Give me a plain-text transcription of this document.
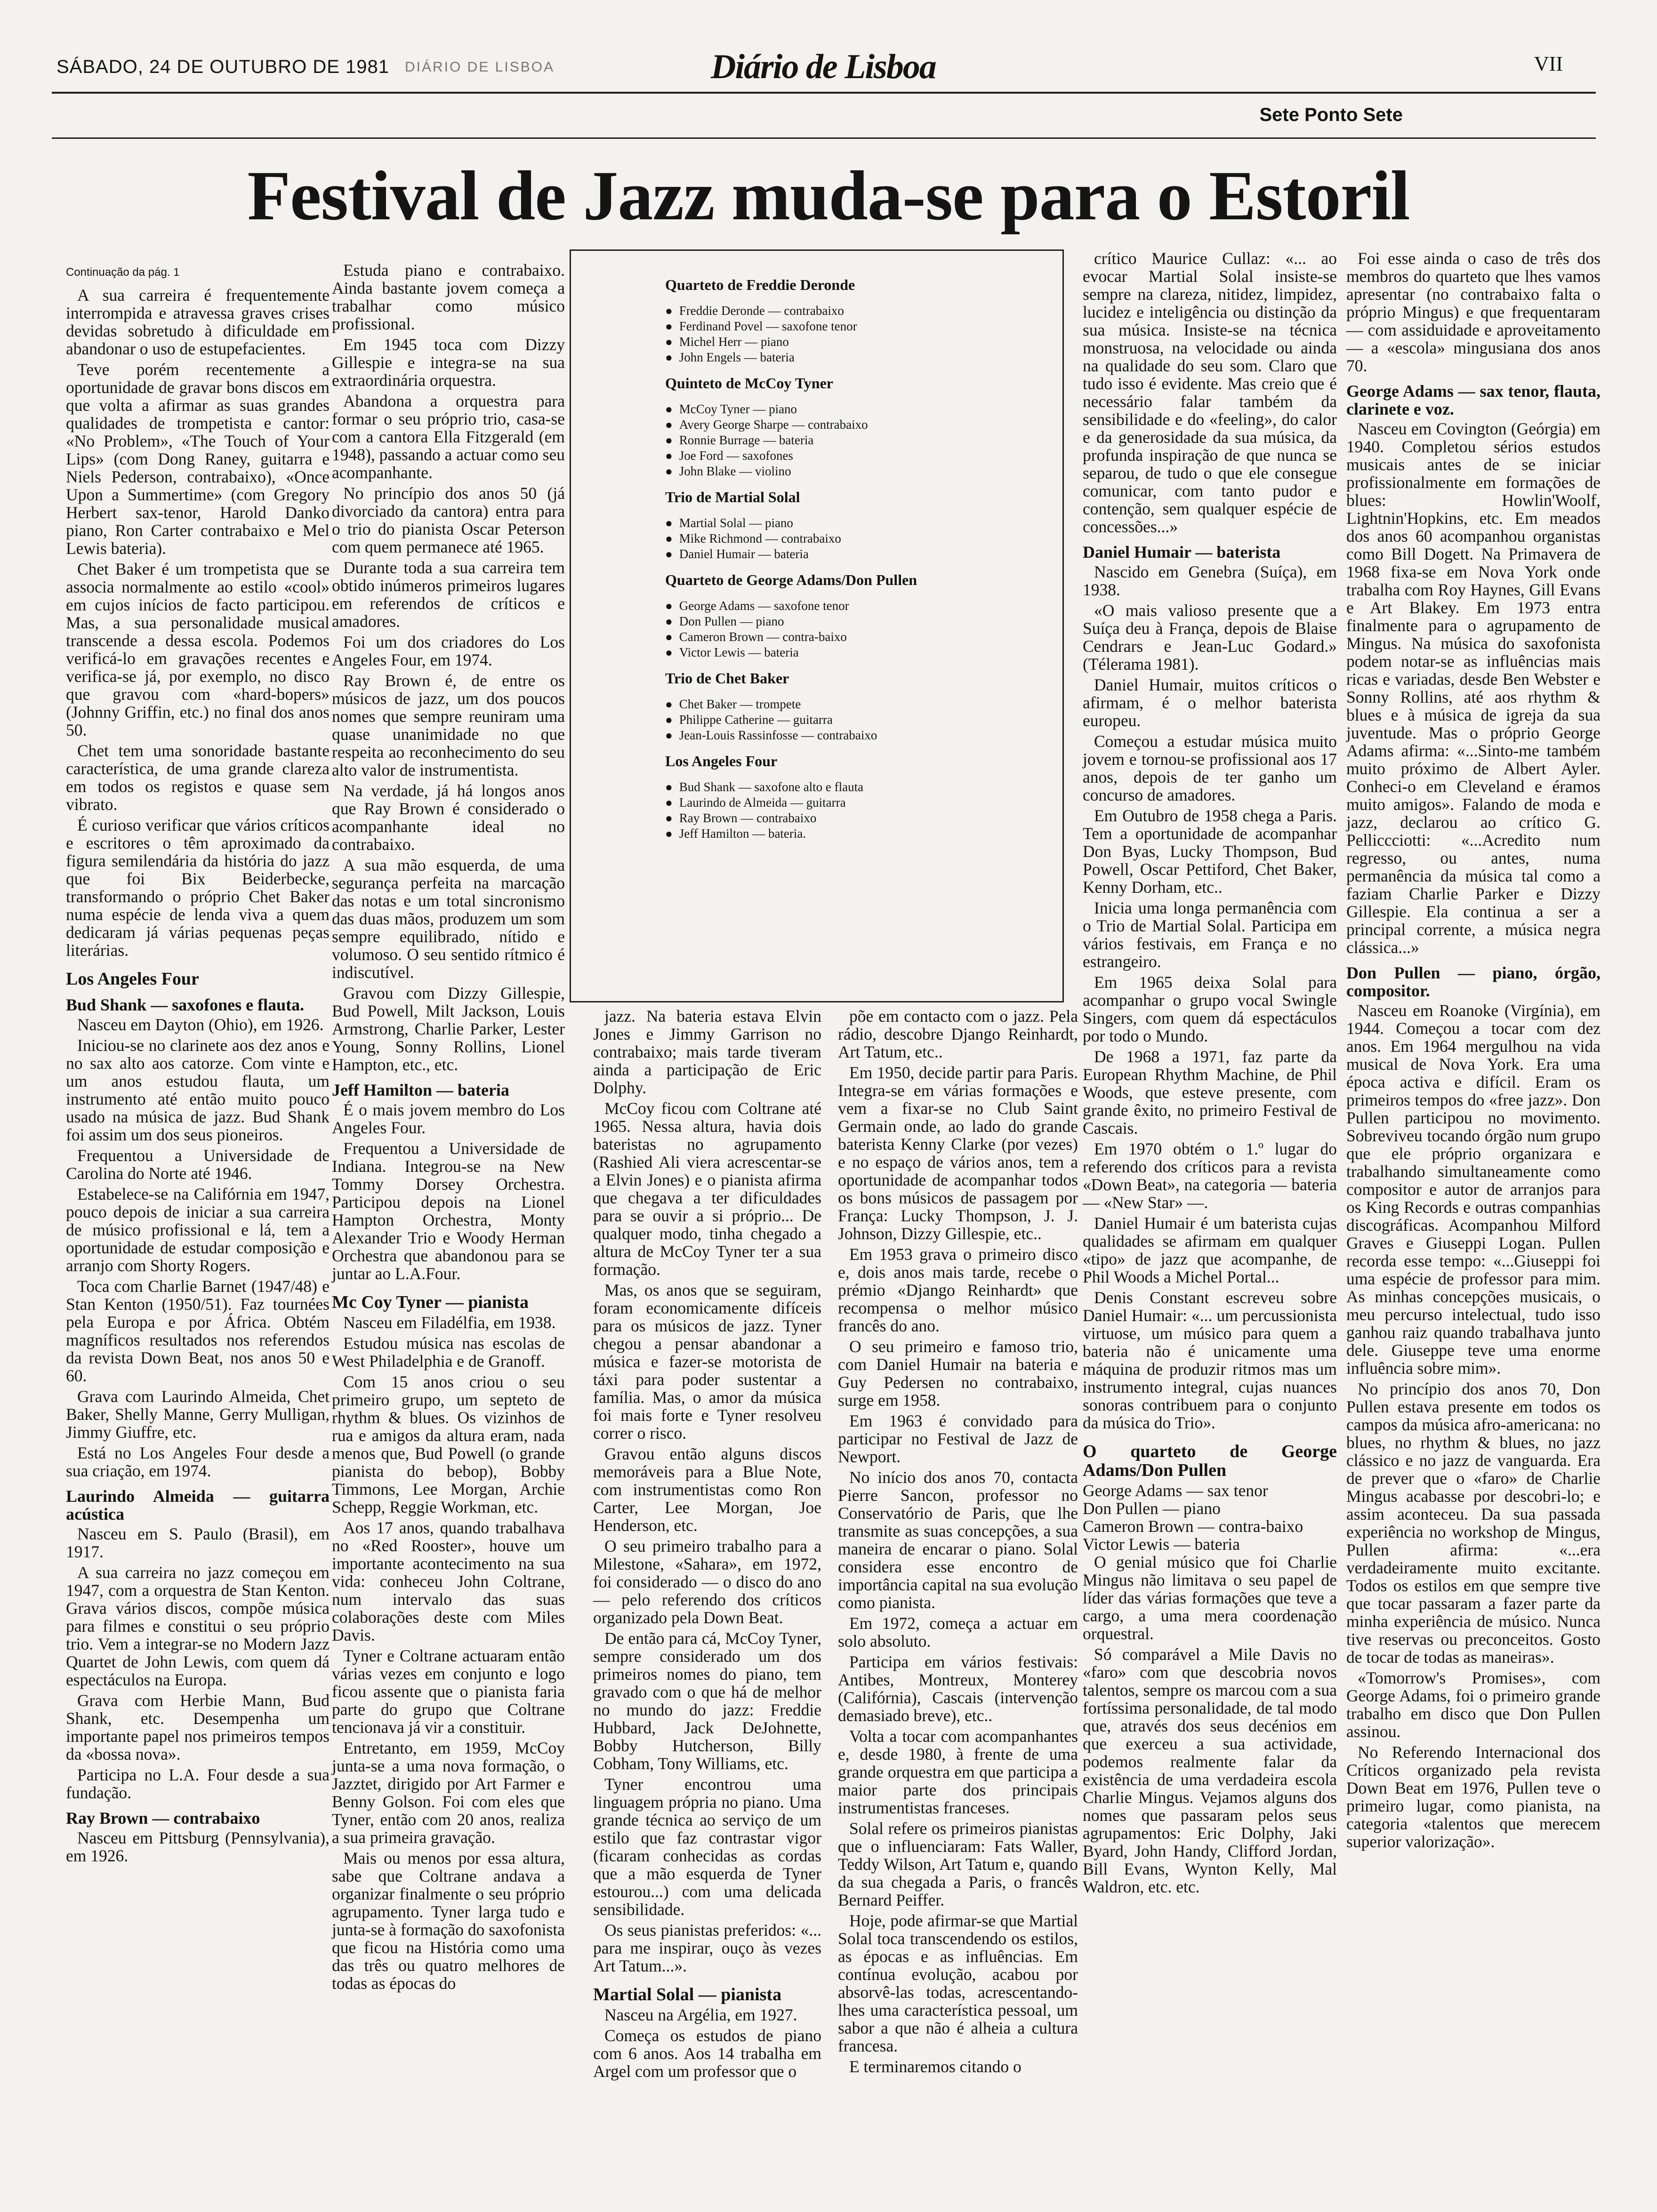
SÁBADO, 24 DE OUTUBRO DE 1981 DIÁRIO DE LISBOA	Diário de Lisboa	VII
Sete Ponto Sete
Festival de Jazz muda-se para o Estoril

Continuação da pág. 1

A sua carreira é frequentemente interrompida e atravessa graves crises devidas sobretudo à dificuldade em abandonar o uso de estupefacientes.

Teve porém recentemente a oportunidade de gravar bons discos em que volta a afirmar as suas grandes qualidades de trompetista e cantor: «No Problem», «The Touch of Your Lips» (com Dong Raney, guitarra e Niels Pederson, contrabaixo), «Once Upon a Summertime» (com Gregory Herbert sax-tenor, Harold Danko piano, Ron Carter contrabaixo e Mel Lewis bateria).

Chet Baker é um trompetista que se associa normalmente ao estilo «cool» em cujos inícios de facto participou. Mas, a sua personalidade musical transcende a dessa escola. Podemos verificá-lo em gravações recentes e verifica-se já, por exemplo, no disco que gravou com «hard-bopers» (Johnny Griffin, etc.) no final dos anos 50.

Chet tem uma sonoridade bastante característica, de uma grande clareza em todos os registos e quase sem vibrato.

É curioso verificar que vários críticos e escritores o têm aproximado da figura semilendária da história do jazz que foi Bix Beiderbecke, transformando o próprio Chet Baker numa espécie de lenda viva a quem dedicaram já várias pequenas peças literárias.

Los Angeles Four
Bud Shank — saxofones e flauta.

Nasceu em Dayton (Ohio), em 1926.

Iniciou-se no clarinete aos dez anos e no sax alto aos catorze. Com vinte e um anos estudou flauta, um instrumento até então muito pouco usado na música de jazz. Bud Shank foi assim um dos seus pioneiros.

Frequentou a Universidade de Carolina do Norte até 1946.

Estabelece-se na Califórnia em 1947, pouco depois de iniciar a sua carreira de músico profissional e lá, tem a oportunidade de estudar composição e arranjo com Shorty Rogers.

Toca com Charlie Barnet (1947/48) e Stan Kenton (1950/51). Faz tournées pela Europa e por África. Obtém magníficos resultados nos referendos da revista Down Beat, nos anos 50 e 60.

Grava com Laurindo Almeida, Chet Baker, Shelly Manne, Gerry Mulligan, Jimmy Giuffre, etc.

Está no Los Angeles Four desde a sua criação, em 1974.

Laurindo Almeida — guitarra acústica

Nasceu em S. Paulo (Brasil), em 1917.

A sua carreira no jazz começou em 1947, com a orquestra de Stan Kenton. Grava vários discos, compõe música para filmes e constitui o seu próprio trio. Vem a integrar-se no Modern Jazz Quartet de John Lewis, com quem dá espectáculos na Europa.

Grava com Herbie Mann, Bud Shank, etc. Desempenha um importante papel nos primeiros tempos da «bossa nova».

Participa no L.A. Four desde a sua fundação.

Ray Brown — contrabaixo

Nasceu em Pittsburg (Pennsylvania), em 1926.

Estuda piano e contrabaixo. Ainda bastante jovem começa a trabalhar como músico profissional.

Em 1945 toca com Dizzy Gillespie e integra-se na sua extraordinária orquestra.

Abandona a orquestra para formar o seu próprio trio, casa-se com a cantora Ella Fitzgerald (em 1948), passando a actuar como seu acompanhante.

No princípio dos anos 50 (já divorciado da cantora) entra para o trio do pianista Oscar Peterson com quem permanece até 1965.

Durante toda a sua carreira tem obtido inúmeros primeiros lugares em referendos de críticos e amadores.

Foi um dos criadores do Los Angeles Four, em 1974.

Ray Brown é, de entre os músicos de jazz, um dos poucos nomes que sempre reuniram uma quase unanimidade no que respeita ao reconhecimento do seu alto valor de instrumentista.

Na verdade, já há longos anos que Ray Brown é considerado o acompanhante ideal no contrabaixo.

A sua mão esquerda, de uma segurança perfeita na marcação das notas e um total sincronismo das duas mãos, produzem um som sempre equilibrado, nítido e volumoso. O seu sentido rítmico é indiscutível.

Gravou com Dizzy Gillespie, Bud Powell, Milt Jackson, Louis Armstrong, Charlie Parker, Lester Young, Sonny Rollins, Lionel Hampton, etc., etc.

Jeff Hamilton — bateria

É o mais jovem membro do Los Angeles Four.

Frequentou a Universidade de Indiana. Integrou-se na New Tommy Dorsey Orchestra. Participou depois na Lionel Hampton Orchestra, Monty Alexander Trio e Woody Herman Orchestra que abandonou para se juntar ao L.A.Four.

Mc Coy Tyner — pianista

Nasceu em Filadélfia, em 1938.

Estudou música nas escolas de West Philadelphia e de Granoff.

Com 15 anos criou o seu primeiro grupo, um septeto de rhythm & blues. Os vizinhos de rua e amigos da altura eram, nada menos que, Bud Powell (o grande pianista do bebop), Bobby Timmons, Lee Morgan, Archie Schepp, Reggie Workman, etc.

Aos 17 anos, quando trabalhava no «Red Rooster», houve um importante acontecimento na sua vida: conheceu John Coltrane, num intervalo das suas colaborações deste com Miles Davis.

Tyner e Coltrane actuaram então várias vezes em conjunto e logo ficou assente que o pianista faria parte do grupo que Coltrane tencionava já vir a constituir.

Entretanto, em 1959, McCoy junta-se a uma nova formação, o Jazztet, dirigido por Art Farmer e Benny Golson. Foi com eles que Tyner, então com 20 anos, realiza a sua primeira gravação.

Mais ou menos por essa altura, sabe que Coltrane andava a organizar finalmente o seu próprio agrupamento. Tyner larga tudo e junta-se à formação do saxofonista que ficou na História como uma das três ou quatro melhores de todas as épocas do

jazz. Na bateria estava Elvin Jones e Jimmy Garrison no contrabaixo; mais tarde tiveram ainda a participação de Eric Dolphy.

McCoy ficou com Coltrane até 1965. Nessa altura, havia dois bateristas no agrupamento (Rashied Ali viera acrescentar-se a Elvin Jones) e o pianista afirma que chegava a ter dificuldades para se ouvir a si próprio... De qualquer modo, tinha chegado a altura de McCoy Tyner ter a sua formação.

Mas, os anos que se seguiram, foram economicamente difíceis para os músicos de jazz. Tyner chegou a pensar abandonar a música e fazer-se motorista de táxi para poder sustentar a família. Mas, o amor da música foi mais forte e Tyner resolveu correr o risco.

Gravou então alguns discos memoráveis para a Blue Note, com instrumentistas como Ron Carter, Lee Morgan, Joe Henderson, etc.

O seu primeiro trabalho para a Milestone, «Sahara», em 1972, foi considerado — o disco do ano — pelo referendo dos críticos organizado pela Down Beat.

De então para cá, McCoy Tyner, sempre considerado um dos primeiros nomes do piano, tem gravado com o que há de melhor no mundo do jazz: Freddie Hubbard, Jack DeJohnette, Bobby Hutcherson, Billy Cobham, Tony Williams, etc.

Tyner encontrou uma linguagem própria no piano. Uma grande técnica ao serviço de um estilo que faz contrastar vigor (ficaram conhecidas as cordas que a mão esquerda de Tyner estourou...) com uma delicada sensibilidade.

Os seus pianistas preferidos: «... para me inspirar, ouço às vezes Art Tatum...».

Martial Solal — pianista

Nasceu na Argélia, em 1927.

Começa os estudos de piano com 6 anos. Aos 14 trabalha em Argel com um professor que o

põe em contacto com o jazz. Pela rádio, descobre Django Reinhardt, Art Tatum, etc..

Em 1950, decide partir para Paris. Integra-se em várias formações e vem a fixar-se no Club Saint Germain onde, ao lado do grande baterista Kenny Clarke (por vezes) e no espaço de vários anos, tem a oportunidade de acompanhar todos os bons músicos de passagem por França: Lucky Thompson, J. J. Johnson, Dizzy Gillespie, etc..

Em 1953 grava o primeiro disco e, dois anos mais tarde, recebe o prémio «Django Reinhardt» que recompensa o melhor músico francês do ano.

O seu primeiro e famoso trio, com Daniel Humair na bateria e Guy Pedersen no contrabaixo, surge em 1958.

Em 1963 é convidado para participar no Festival de Jazz de Newport.

No início dos anos 70, contacta Pierre Sancon, professor no Conservatório de Paris, que lhe transmite as suas concepções, a sua maneira de encarar o piano. Solal considera esse encontro de importância capital na sua evolução como pianista.

Em 1972, começa a actuar em solo absoluto.

Participa em vários festivais: Antibes, Montreux, Monterey (Califórnia), Cascais (intervenção demasiado breve), etc..

Volta a tocar com acompanhantes e, desde 1980, à frente de uma grande orquestra em que participa a maior parte dos principais instrumentistas franceses.

Solal refere os primeiros pianistas que o influenciaram: Fats Waller, Teddy Wilson, Art Tatum e, quando da sua chegada a Paris, o francês Bernard Peiffer.

Hoje, pode afirmar-se que Martial Solal toca transcendendo os estilos, as épocas e as influências. Em contínua evolução, acabou por absorvê-las todas, acrescentando-lhes uma característica pessoal, um sabor a que não é alheia a cultura francesa.

E terminaremos citando o

crítico Maurice Cullaz: «... ao evocar Martial Solal insiste-se sempre na clareza, nitidez, limpidez, lucidez e inteligência ou distinção da sua música. Insiste-se na técnica monstruosa, na velocidade ou ainda na qualidade do seu som. Claro que tudo isso é evidente. Mas creio que é necessário falar também da sensibilidade e do «feeling», do calor e da generosidade da sua música, da profunda inspiração de que nunca se separou, de tudo o que ele consegue comunicar, com tanto pudor e contenção, sem qualquer espécie de concessões...»

Daniel Humair — baterista

Nascido em Genebra (Suíça), em 1938.

«O mais valioso presente que a Suíça deu à França, depois de Blaise Cendrars e Jean-Luc Godard.» (Télerama 1981).

Daniel Humair, muitos críticos o afirmam, é o melhor baterista europeu.

Começou a estudar música muito jovem e tornou-se profissional aos 17 anos, depois de ter ganho um concurso de amadores.

Em Outubro de 1958 chega a Paris. Tem a oportunidade de acompanhar Don Byas, Lucky Thompson, Bud Powell, Oscar Pettiford, Chet Baker, Kenny Dorham, etc..

Inicia uma longa permanência com o Trio de Martial Solal. Participa em vários festivais, em França e no estrangeiro.

Em 1965 deixa Solal para acompanhar o grupo vocal Swingle Singers, com quem dá espectáculos por todo o Mundo.

De 1968 a 1971, faz parte da European Rhythm Machine, de Phil Woods, que esteve presente, com grande êxito, no primeiro Festival de Cascais.

Em 1970 obtém o 1.º lugar do referendo dos críticos para a revista «Down Beat», na categoria — bateria — «New Star» —.

Daniel Humair é um baterista cujas qualidades se afirmam em qualquer «tipo» de jazz que acompanhe, de Phil Woods a Michel Portal...

Denis Constant escreveu sobre Daniel Humair: «... um percussionista virtuose, um músico para quem a bateria não é unicamente uma máquina de produzir ritmos mas um instrumento integral, cujas nuances sonoras contribuem para o conjunto da música do Trio».

O quarteto de George Adams/Don Pullen

George Adams — sax tenor

Don Pullen — piano

Cameron Brown — contra-baixo

Victor Lewis — bateria

O genial músico que foi Charlie Mingus não limitava o seu papel de líder das várias formações que teve a cargo, a uma mera coordenação orquestral.

Só comparável a Mile Davis no «faro» com que descobria novos talentos, sempre os marcou com a sua fortíssima personalidade, de tal modo que, através dos seus decénios em que exerceu a sua actividade, podemos realmente falar da existência de uma verdadeira escola Charlie Mingus. Vejamos alguns dos nomes que passaram pelos seus agrupamentos: Eric Dolphy, Jaki Byard, John Handy, Clifford Jordan, Bill Evans, Wynton Kelly, Mal Waldron, etc. etc.

Foi esse ainda o caso de três dos membros do quarteto que lhes vamos apresentar (no contrabaixo falta o próprio Mingus) e que frequentaram — com assiduidade e aproveitamento — a «escola» mingusiana dos anos 70.

George Adams — sax tenor, flauta, clarinete e voz.

Nasceu em Covington (Geórgia) em 1940. Completou sérios estudos musicais antes de se iniciar profissionalmente em formações de blues: Howlin'Woolf, Lightnin'Hopkins, etc. Em meados dos anos 60 acompanhou organistas como Bill Dogett. Na Primavera de 1968 fixa-se em Nova York onde trabalha com Roy Haynes, Gill Evans e Art Blakey. Em 1973 entra finalmente para o agrupamento de Mingus. Na música do saxofonista podem notar-se as influências mais ricas e variadas, desde Ben Webster e Sonny Rollins, até aos rhythm & blues e à música de igreja da sua juventude. Mas o próprio George Adams afirma: «...Sinto-me também muito próximo de Albert Ayler. Conheci-o em Cleveland e éramos muito amigos». Falando de moda e jazz, declarou ao crítico G. Pelliccciotti: «...Acredito num regresso, ou antes, numa permanência da música tal como a faziam Charlie Parker e Dizzy Gillespie. Ela continua a ser a principal corrente, a música negra clássica...»

Don Pullen — piano, órgão, compositor.

Nasceu em Roanoke (Virgínia), em 1944. Começou a tocar com dez anos. Em 1964 mergulhou na vida musical de Nova York. Era uma época activa e difícil. Eram os primeiros tempos do «free jazz». Don Pullen participou no movimento. Sobreviveu tocando órgão num grupo que ele próprio organizara e trabalhando simultaneamente como compositor e autor de arranjos para os King Records e outras companhias discográficas. Acompanhou Milford Graves e Giuseppi Logan. Pullen recorda esse tempo: «...Giuseppi foi uma espécie de professor para mim. As minhas concepções musicais, o meu percurso intelectual, tudo isso ganhou raiz quando trabalhava junto dele. Giuseppe teve uma enorme influência sobre mim».

No princípio dos anos 70, Don Pullen estava presente em todos os campos da música afro-americana: no blues, no rhythm & blues, no jazz clássico e no jazz de vanguarda. Era de prever que o «faro» de Charlie Mingus acabasse por descobri-lo; e assim aconteceu. Da sua passada experiência no workshop de Mingus, Pullen afirma: «...era verdadeiramente muito excitante. Todos os estilos em que sempre tive que tocar passaram a fazer parte da minha experiência de músico. Nunca tive reservas ou preconceitos. Gosto de tocar de todas as maneiras».

«Tomorrow's Promises», com George Adams, foi o primeiro grande trabalho em disco que Don Pullen assinou.

No Referendo Internacional dos Críticos organizado pela revista Down Beat em 1976, Pullen teve o primeiro lugar, como pianista, na categoria «talentos que merecem superior valorização».

Quarteto de Freddie Deronde
● Freddie Deronde — contrabaixo
● Ferdinand Povel — saxofone tenor
● Michel Herr — piano
● John Engels — bateria
Quinteto de McCoy Tyner
● McCoy Tyner — piano
● Avery George Sharpe — contrabaixo
● Ronnie Burrage — bateria
● Joe Ford — saxofones
● John Blake — violino
Trio de Martial Solal
● Martial Solal — piano
● Mike Richmond — contrabaixo
● Daniel Humair — bateria
Quarteto de George Adams/Don Pullen
● George Adams — saxofone tenor
● Don Pullen — piano
● Cameron Brown — contra-baixo
● Victor Lewis — bateria
Trio de Chet Baker
● Chet Baker — trompete
● Philippe Catherine — guitarra
● Jean-Louis Rassinfosse — contrabaixo
Los Angeles Four
● Bud Shank — saxofone alto e flauta
● Laurindo de Almeida — guitarra
● Ray Brown — contrabaixo
● Jeff Hamilton — bateria.
